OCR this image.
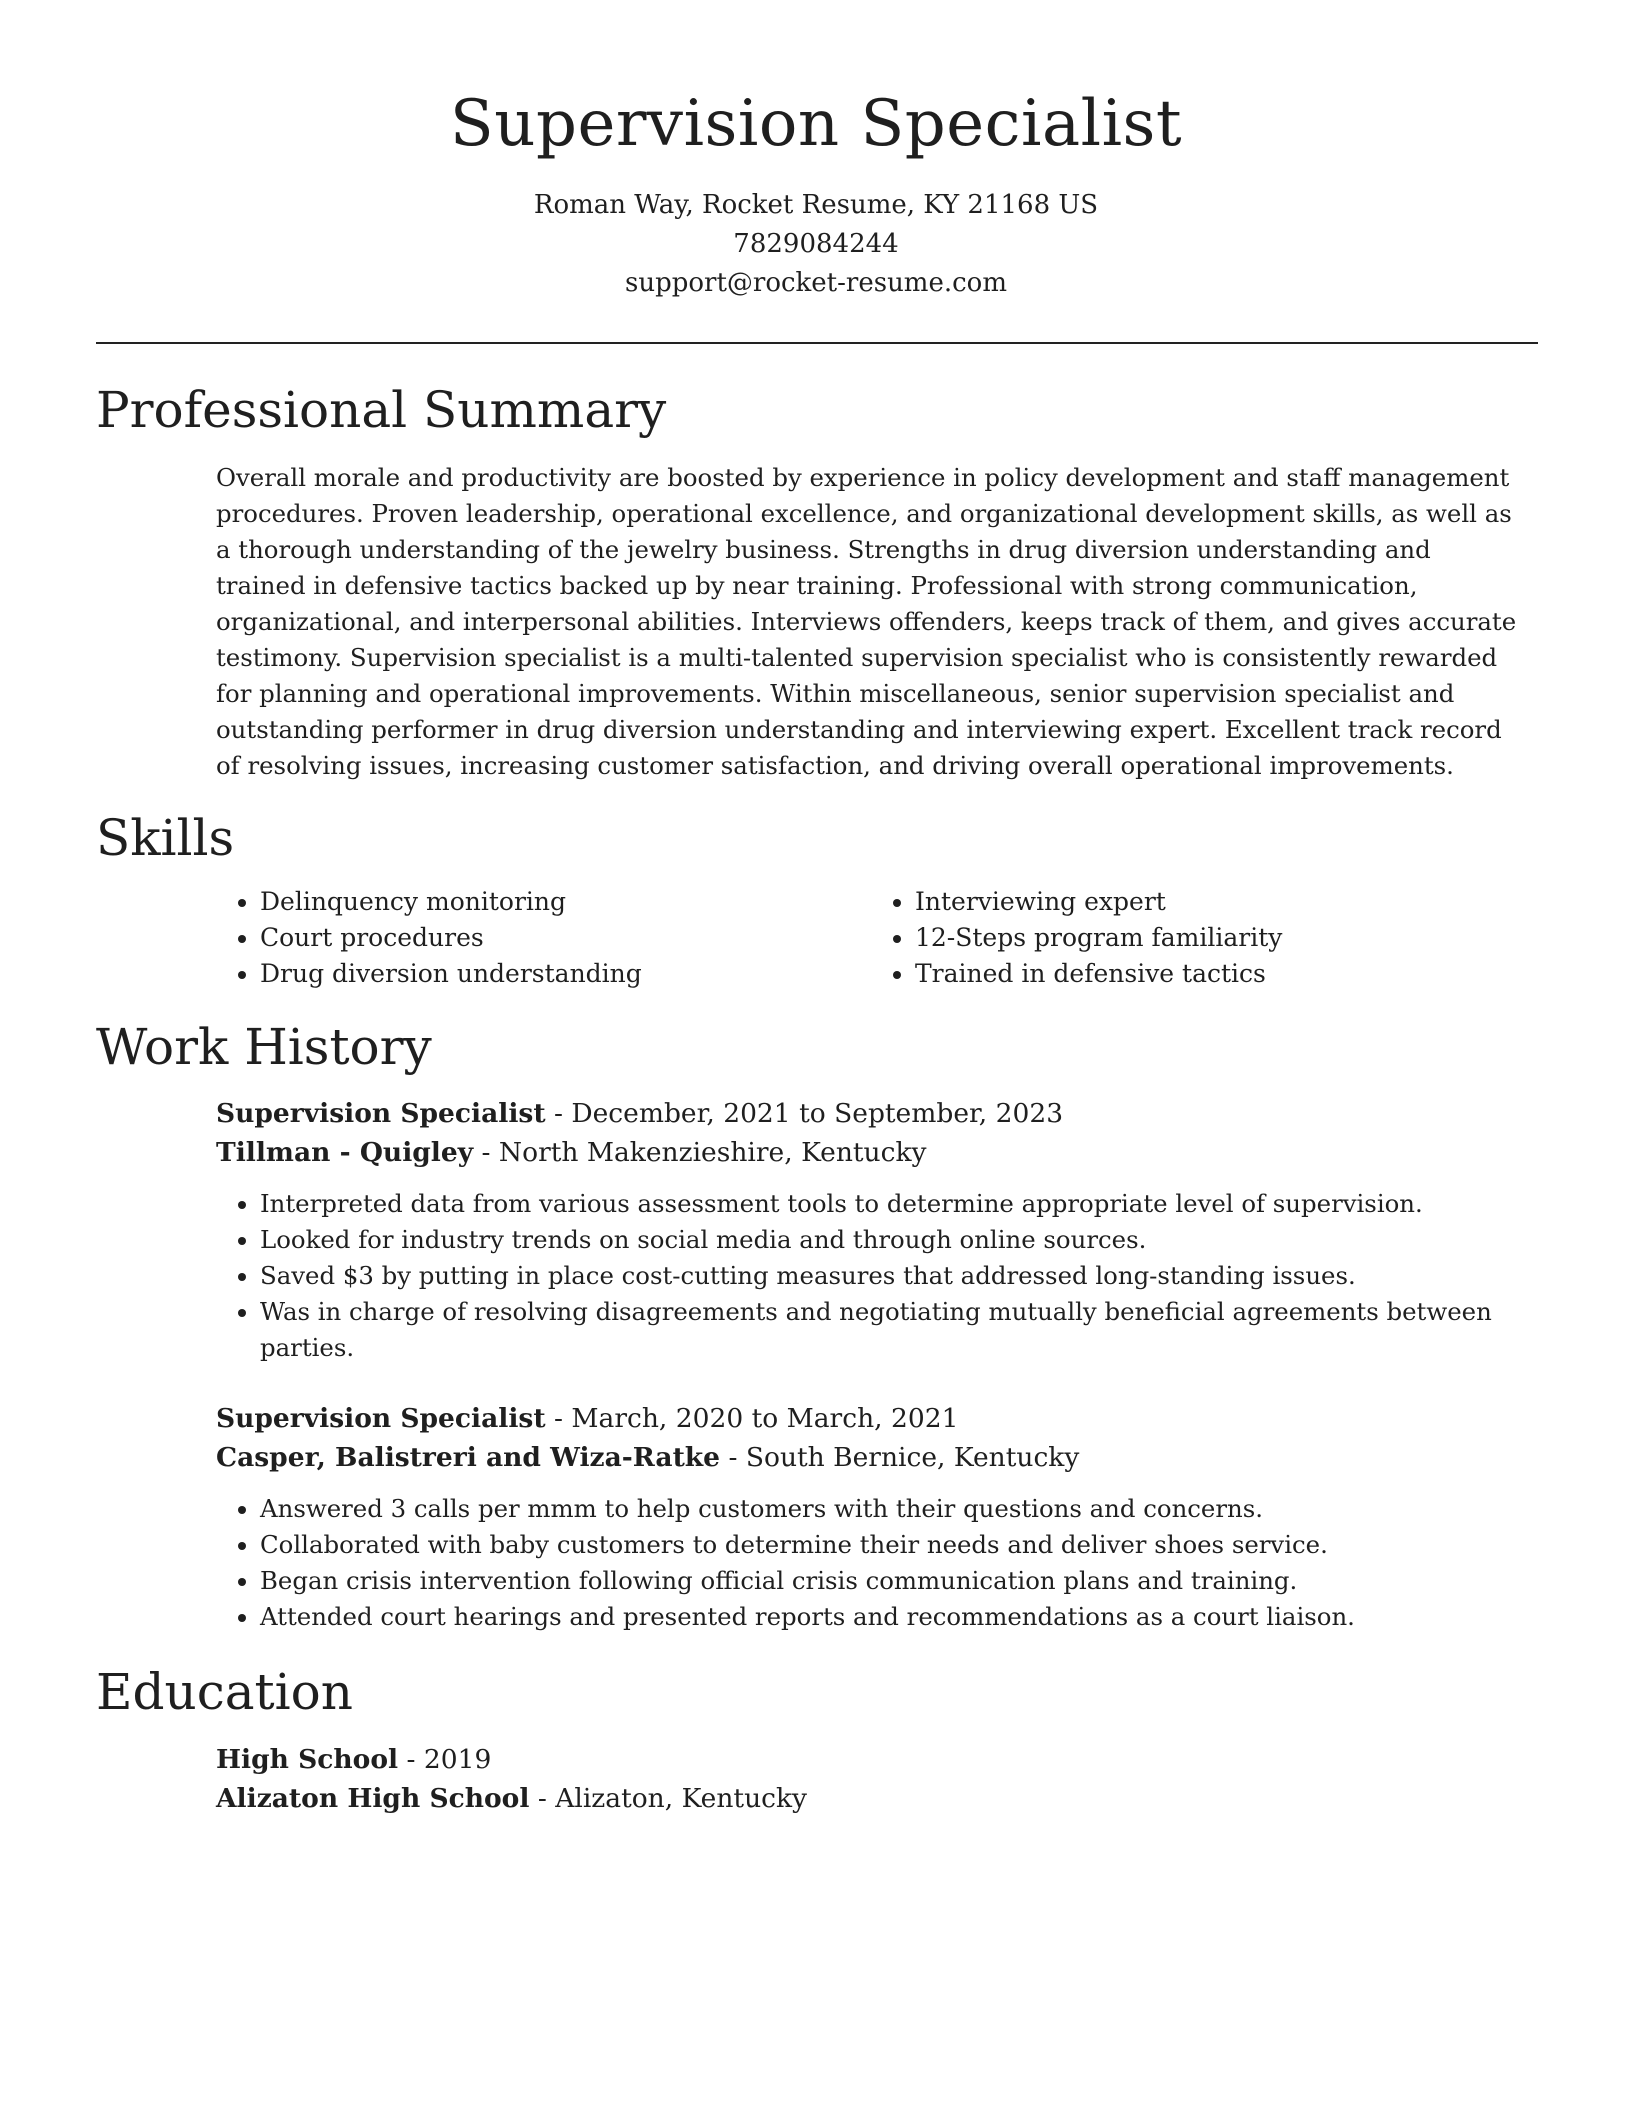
Supervision Specialist
Roman Way, Rocket Resume, KY 21168 US
7829084244
support@rocket-resume.com
Professional Summary
Overall morale and productivity are boosted by experience in policy development and staff management procedures. Proven leadership, operational excellence, and organizational development skills, as well as a thorough understanding of the jewelry business. Strengths in drug diversion understanding and trained in defensive tactics backed up by near training. Professional with strong communication, organizational, and interpersonal abilities. Interviews offenders, keeps track of them, and gives accurate testimony. Supervision specialist is a multi-talented supervision specialist who is consistently rewarded for planning and operational improvements. Within miscellaneous, senior supervision specialist and outstanding performer in drug diversion understanding and interviewing expert. Excellent track record of resolving issues, increasing customer satisfaction, and driving overall operational improvements.
Skills
• Delinquency monitoring
• Court procedures
• Drug diversion understanding
• Interviewing expert
• 12-Steps program familiarity
• Trained in defensive tactics
Work History
Supervision Specialist - December, 2021 to September, 2023
Tillman - Quigley - North Makenzieshire, Kentucky
• Interpreted data from various assessment tools to determine appropriate level of supervision.
• Looked for industry trends on social media and through online sources.
• Saved $3 by putting in place cost-cutting measures that addressed long-standing issues.
• Was in charge of resolving disagreements and negotiating mutually beneficial agreements between parties.
Supervision Specialist - March, 2020 to March, 2021
Casper, Balistreri and Wiza-Ratke - South Bernice, Kentucky
• Answered 3 calls per mmm to help customers with their questions and concerns.
• Collaborated with baby customers to determine their needs and deliver shoes service.
• Began crisis intervention following official crisis communication plans and training.
• Attended court hearings and presented reports and recommendations as a court liaison.
Education
High School - 2019
Alizaton High School - Alizaton, Kentucky
